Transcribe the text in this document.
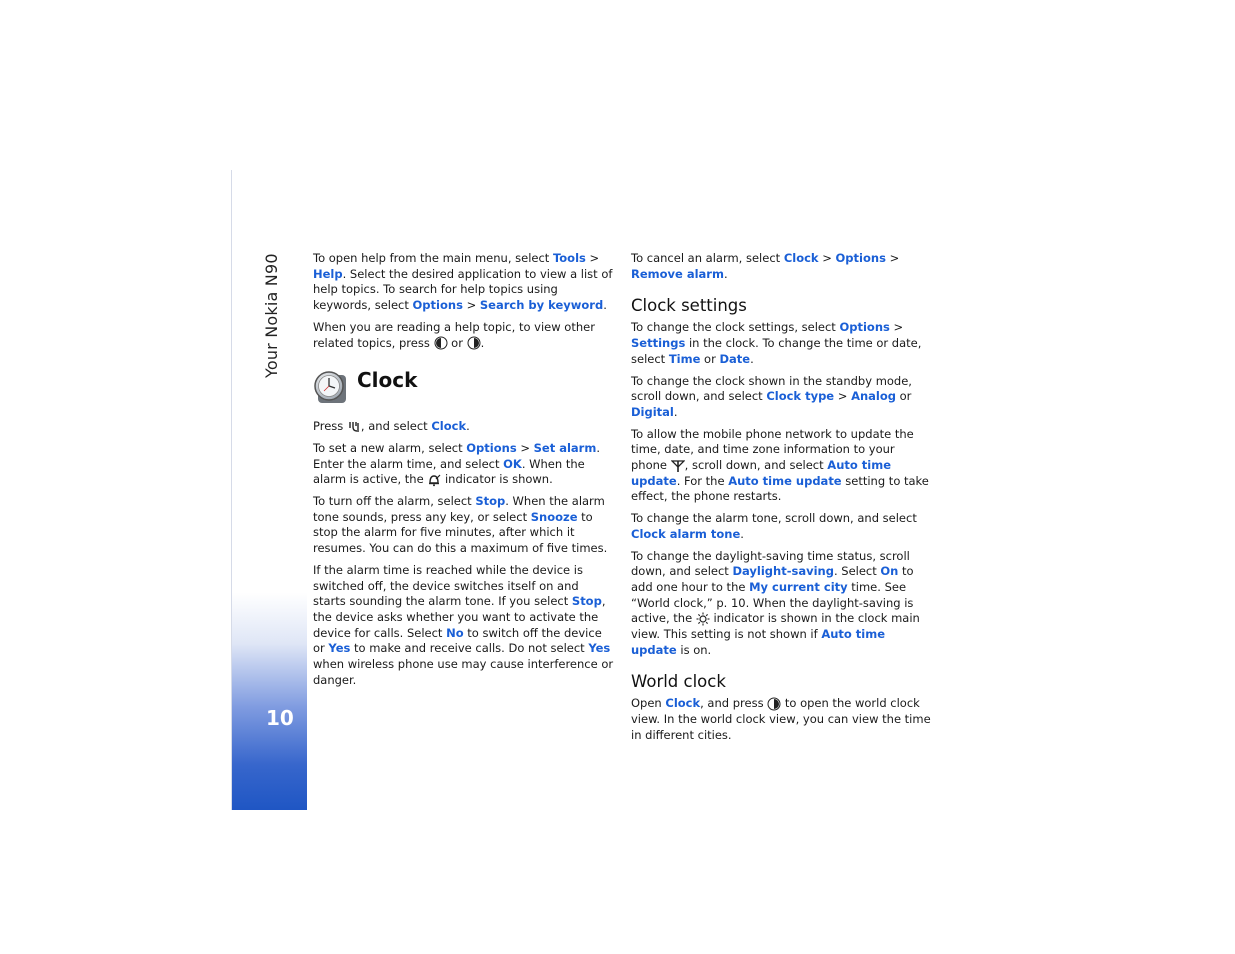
Your Nokia N90
10

To open help from the main menu, select Tools > Help. Select the desired application to view a list of help topics. To search for help topics using keywords, select Options > Search by keyword.

When you are reading a help topic, to view other related topics, press  or .

Clock

Press , and select Clock.

To set a new alarm, select Options > Set alarm. Enter the alarm time, and select OK. When the alarm is active, the  indicator is shown.

To turn off the alarm, select Stop. When the alarm tone sounds, press any key, or select Snooze to stop the alarm for five minutes, after which it resumes. You can do this a maximum of five times.

If the alarm time is reached while the device is switched off, the device switches itself on and starts sounding the alarm tone. If you select Stop, the device asks whether you want to activate the device for calls. Select No to switch off the device or Yes to make and receive calls. Do not select Yes when wireless phone use may cause interference or danger.

To cancel an alarm, select Clock > Options >
Remove alarm.

Clock settings

To change the clock settings, select Options > Settings in the clock. To change the time or date, select Time or Date.

To change the clock shown in the standby mode, scroll down, and select Clock type > Analog or Digital.

To allow the mobile phone network to update the time, date, and time zone information to your phone , scroll down, and select Auto time update. For the Auto time update setting to take effect, the phone restarts.

To change the alarm tone, scroll down, and select Clock alarm tone.

To change the daylight-saving time status, scroll down, and select Daylight-saving. Select On to add one hour to the My current city time. See “World clock,” p. 10. When the daylight-saving is active, the  indicator is shown in the clock main view. This setting is not shown if Auto time update is on.

World clock

Open Clock, and press  to open the world clock view. In the world clock view, you can view the time in different cities.
